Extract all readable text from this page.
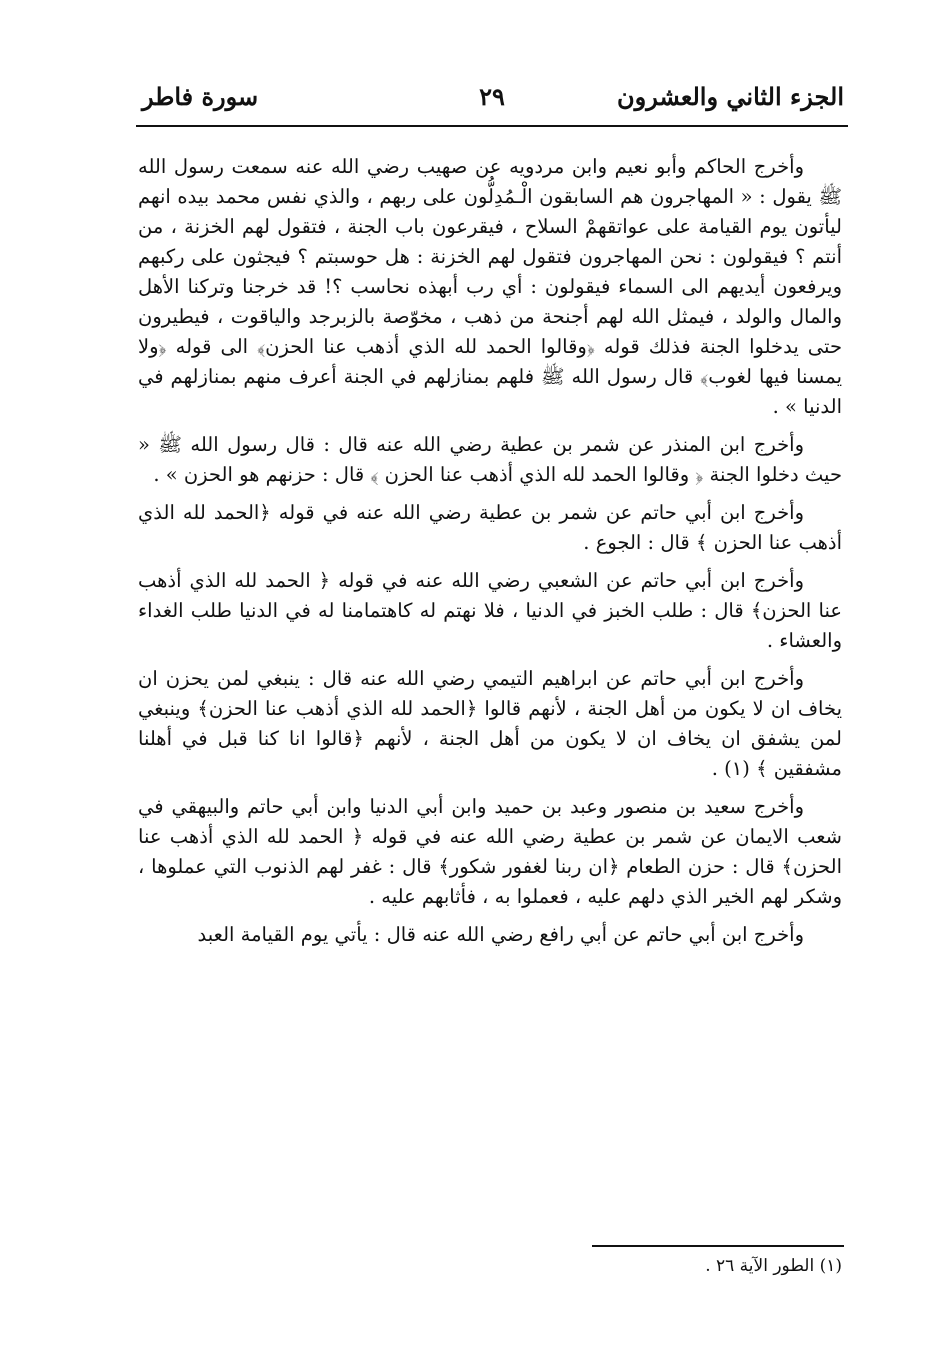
الجزء الثاني والعشرون
٢٩
سورة فاطر

وأخرج الحاكم وأبو نعيم وابن مردويه عن صهيب رضي الله عنه سمعت رسول الله ﷺ يقول : « المهاجرون هم السابقون الْـمُدِلُّون على ربهم ، والذي نفس محمد بيده انهم ليأتون يوم القيامة على عواتقهمْ السلاح ، فيقرعون باب الجنة ، فتقول لهم الخزنة ، من أنتم ؟ فيقولون : نحن المهاجرون فتقول لهم الخزنة : هل حوسبتم ؟ فيجثون على ركبهم ويرفعون أيديهم الى السماء فيقولون : أي رب أبهذه نحاسب ؟! قد خرجنا وتركنا الأهل والمال والولد ، فيمثل الله لهم أجنحة من ذهب ، مخوّصة بالزبرجد والياقوت ، فيطيرون حتى يدخلوا الجنة فذلك قوله ﴿وقالوا الحمد لله الذي أذهب عنا الحزن﴾ الى قوله ﴿ولا يمسنا فيها لغوب﴾ قال رسول الله ﷺ فلهم بمنازلهم في الجنة أعرف منهم بمنازلهم في الدنيا » .

وأخرج ابن المنذر عن شمر بن عطية رضي الله عنه قال : قال رسول الله ﷺ « حيث دخلوا الجنة ﴿ وقالوا الحمد لله الذي أذهب عنا الحزن ﴾ قال : حزنهم هو الحزن » .

وأخرج ابن أبي حاتم عن شمر بن عطية رضي الله عنه في قوله ﴿الحمد لله الذي أذهب عنا الحزن ﴾ قال : الجوع .

وأخرج ابن أبي حاتم عن الشعبي رضي الله عنه في قوله ﴿ الحمد لله الذي أذهب عنا الحزن﴾ قال : طلب الخبز في الدنيا ، فلا نهتم له كاهتمامنا له في الدنيا طلب الغداء والعشاء .

وأخرج ابن أبي حاتم عن ابراهيم التيمي رضي الله عنه قال : ينبغي لمن يحزن ان يخاف ان لا يكون من أهل الجنة ، لأنهم قالوا ﴿الحمد لله الذي أذهب عنا الحزن﴾ وينبغي لمن يشفق ان يخاف ان لا يكون من أهل الجنة ، لأنهم ﴿قالوا انا كنا قبل في أهلنا مشفقين ﴾ (١) .

وأخرج سعيد بن منصور وعبد بن حميد وابن أبي الدنيا وابن أبي حاتم والبيهقي في شعب الايمان عن شمر بن عطية رضي الله عنه في قوله ﴿ الحمد لله الذي أذهب عنا الحزن﴾ قال : حزن الطعام ﴿ان ربنا لغفور شكور﴾ قال : غفر لهم الذنوب التي عملوها ، وشكر لهم الخير الذي دلهم عليه ، فعملوا به ، فأثابهم عليه .

وأخرج ابن أبي حاتم عن أبي رافع رضي الله عنه قال : يأتي يوم القيامة العبد

(١) الطور الآية ٢٦ .
